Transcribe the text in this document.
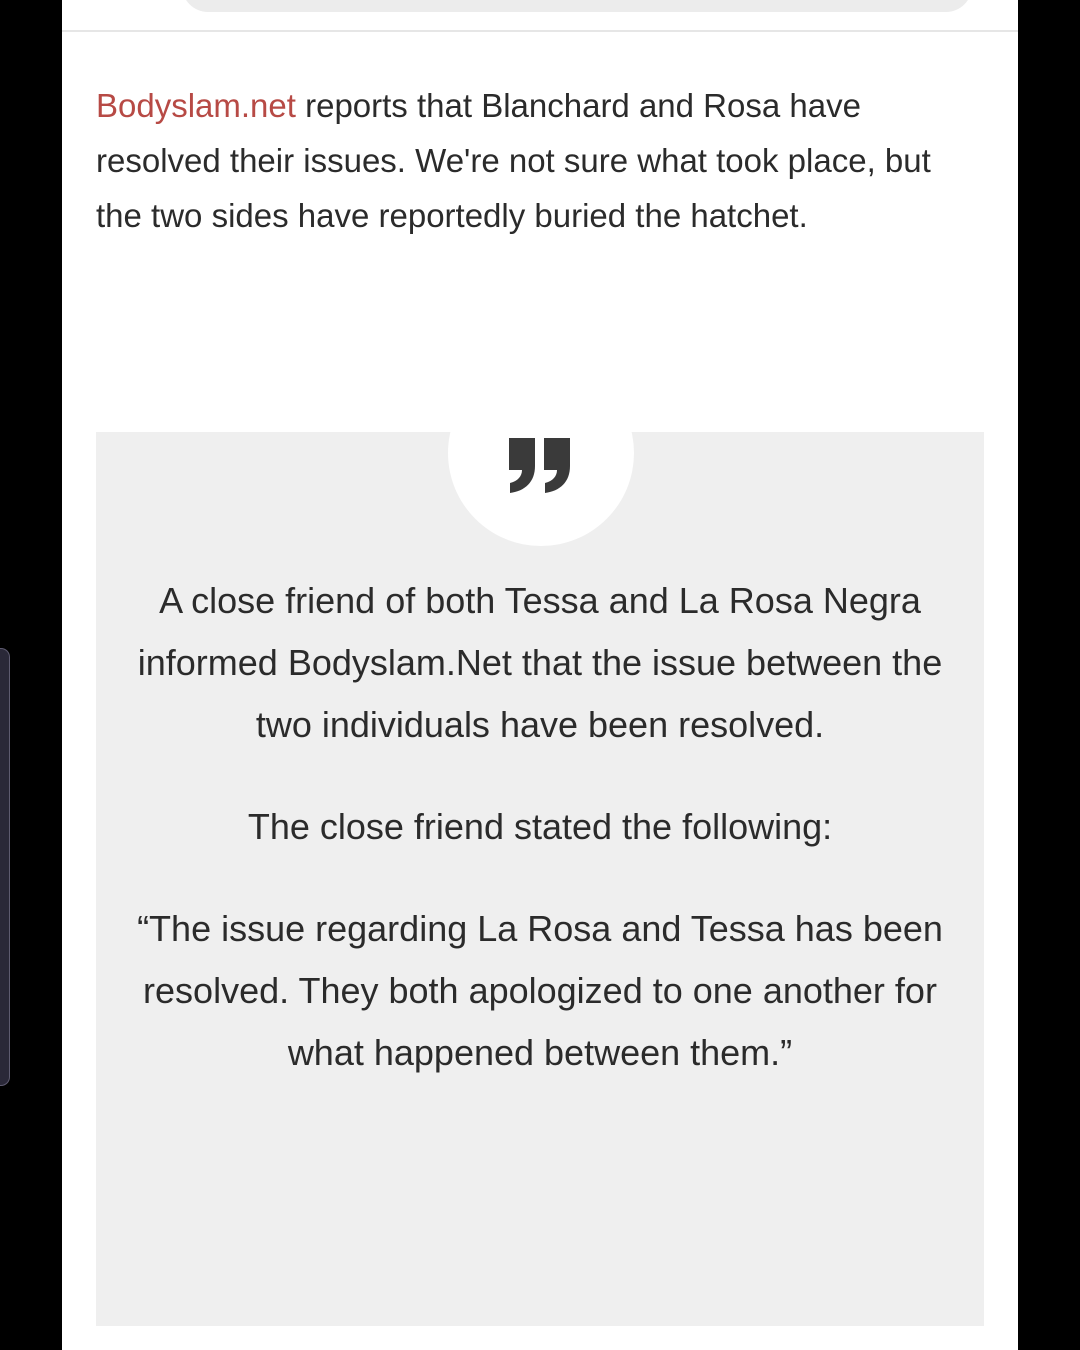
Bodyslam.net reports that Blanchard and Rosa have resolved their issues. We're not sure what took place, but the two sides have reportedly buried the hatchet.

A close friend of both Tessa and La Rosa Negra informed Bodyslam.Net that the issue between the two individuals have been resolved.

The close friend stated the following:

“The issue regarding La Rosa and Tessa has been resolved. They both apologized to one another for what happened between them.”
